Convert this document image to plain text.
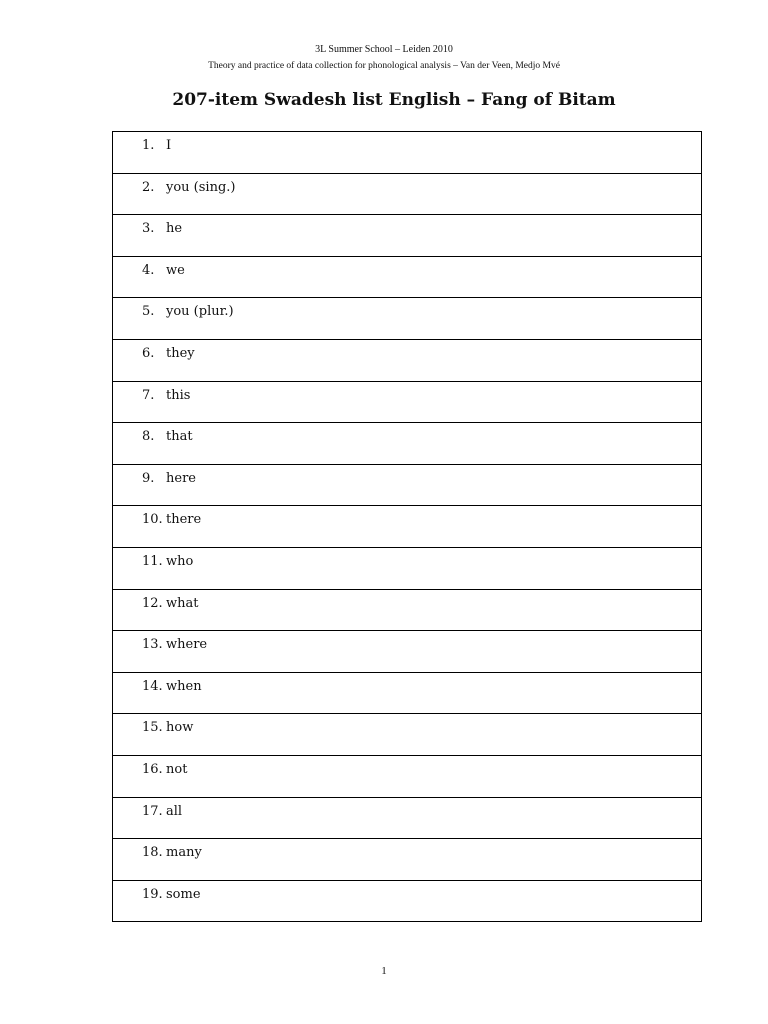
3L Summer School – Leiden 2010
Theory and practice of data collection for phonological analysis – Van der Veen, Medjo Mvé
207-item Swadesh list English – Fang of Bitam
1. I

2. you (sing.)

3. he

4. we

5. you (plur.)

6. they

7. this

8. that

9. here

10. there

11. who

12. what

13. where

14. when

15. how

16. not

17. all

18. many

19. some
1
